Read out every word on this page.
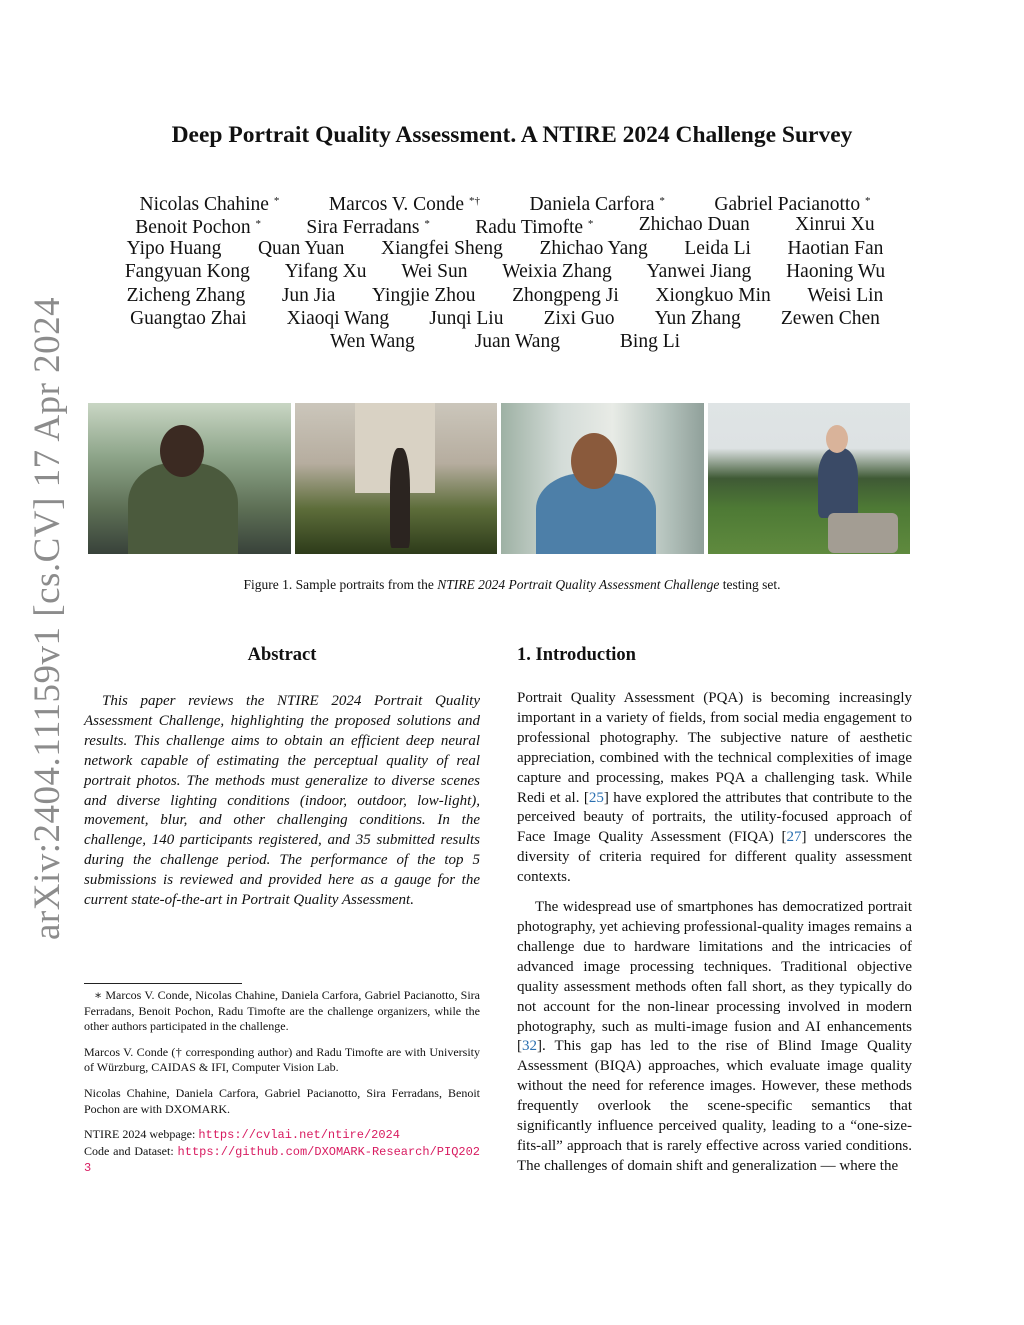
arXiv:2404.11159v1 [cs.CV] 17 Apr 2024
Deep Portrait Quality Assessment. A NTIRE 2024 Challenge Survey
Nicolas Chahine *	Marcos V. Conde *†	Daniela Carfora *	Gabriel Pacianotto *
Benoit Pochon * Sira Ferradans * Radu Timofte * Zhichao Duan Xinrui Xu
Yipo Huang Quan Yuan Xiangfei Sheng Zhichao Yang Leida Li Haotian Fan
Fangyuan Kong Yifang Xu Wei Sun Weixia Zhang Yanwei Jiang Haoning Wu
Zicheng Zhang Jun Jia Yingjie Zhou Zhongpeng Ji Xiongkuo Min Weisi Lin
Guangtao Zhai Xiaoqi Wang Junqi Liu Zixi Guo Yun Zhang Zewen Chen
Wen Wang	Juan Wang	Bing Li
Figure 1. Sample portraits from the NTIRE 2024 Portrait Quality Assessment Challenge testing set.
Abstract
This paper reviews the NTIRE 2024 Portrait Quality Assessment Challenge, highlighting the proposed solutions and results. This challenge aims to obtain an efficient deep neural network capable of estimating the perceptual quality of real portrait photos. The methods must generalize to diverse scenes and diverse lighting conditions (indoor, outdoor, low-light), movement, blur, and other challenging conditions. In the challenge, 140 participants registered, and 35 submitted results during the challenge period. The performance of the top 5 submissions is reviewed and provided here as a gauge for the current state-of-the-art in Portrait Quality Assessment.
1. Introduction

Portrait Quality Assessment (PQA) is becoming increasingly important in a variety of fields, from social media engagement to professional photography. The subjective nature of aesthetic appreciation, combined with the technical complexities of image capture and processing, makes PQA a challenging task. While Redi et al. [25] have explored the attributes that contribute to the perceived beauty of portraits, the utility-focused approach of Face Image Quality Assessment (FIQA) [27] underscores the diversity of criteria required for different quality assessment contexts.

The widespread use of smartphones has democratized portrait photography, yet achieving professional-quality images remains a challenge due to hardware limitations and the intricacies of advanced image processing techniques. Traditional objective quality assessment methods often fall short, as they typically do not account for the non-linear processing involved in modern photography, such as multi-image fusion and AI enhancements [32]. This gap has led to the rise of Blind Image Quality Assessment (BIQA) approaches, which evaluate image quality without the need for reference images. However, these methods frequently overlook the scene-specific semantics that significantly influence perceived quality, leading to a “one-size-fits-all” approach that is rarely effective across varied conditions. The challenges of domain shift and generalization — where the

∗ Marcos V. Conde, Nicolas Chahine, Daniela Carfora, Gabriel Pacianotto, Sira Ferradans, Benoit Pochon, Radu Timofte are the challenge organizers, while the other authors participated in the challenge.

Marcos V. Conde († corresponding author) and Radu Timofte are with University of Würzburg, CAIDAS & IFI, Computer Vision Lab.

Nicolas Chahine, Daniela Carfora, Gabriel Pacianotto, Sira Ferradans, Benoit Pochon are with DXOMARK.

NTIRE 2024 webpage: https://cvlai.net/ntire/2024
Code and Dataset: https://github.com/DXOMARK-Research/PIQ2023
